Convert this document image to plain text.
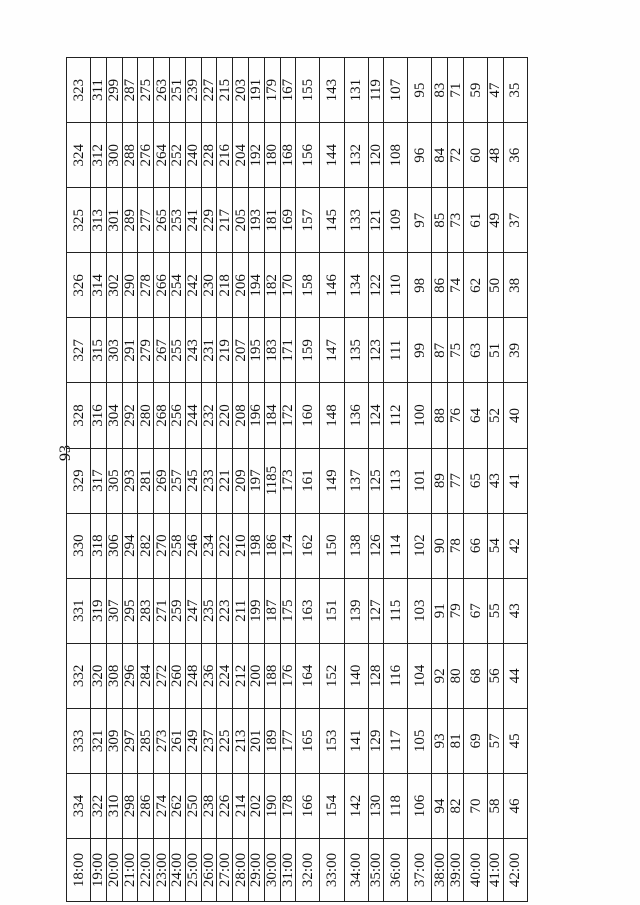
93
18:00	334	333	332	331	330	329	328	327	326	325	324	323
19:00	322	321	320	319	318	317	316	315	314	313	312	311
20:00	310	309	308	307	306	305	304	303	302	301	300	299
21:00	298	297	296	295	294	293	292	291	290	289	288	287
22:00	286	285	284	283	282	281	280	279	278	277	276	275
23:00	274	273	272	271	270	269	268	267	266	265	264	263
24:00	262	261	260	259	258	257	256	255	254	253	252	251
25:00	250	249	248	247	246	245	244	243	242	241	240	239
26:00	238	237	236	235	234	233	232	231	230	229	228	227
27:00	226	225	224	223	222	221	220	219	218	217	216	215
28:00	214	213	212	211	210	209	208	207	206	205	204	203
29:00	202	201	200	199	198	197	196	195	194	193	192	191
30:00	190	189	188	187	186	1185	184	183	182	181	180	179
31:00	178	177	176	175	174	173	172	171	170	169	168	167
32:00	166	165	164	163	162	161	160	159	158	157	156	155
33:00	154	153	152	151	150	149	148	147	146	145	144	143
34:00	142	141	140	139	138	137	136	135	134	133	132	131
35:00	130	129	128	127	126	125	124	123	122	121	120	119
36:00	118	117	116	115	114	113	112	111	110	109	108	107
37:00	106	105	104	103	102	101	100	99	98	97	96	95
38:00	94	93	92	91	90	89	88	87	86	85	84	83
39:00	82	81	80	79	78	77	76	75	74	73	72	71
40:00	70	69	68	67	66	65	64	63	62	61	60	59
41:00	58	57	56	55	54	43	52	51	50	49	48	47
42:00	46	45	44	43	42	41	40	39	38	37	36	35
